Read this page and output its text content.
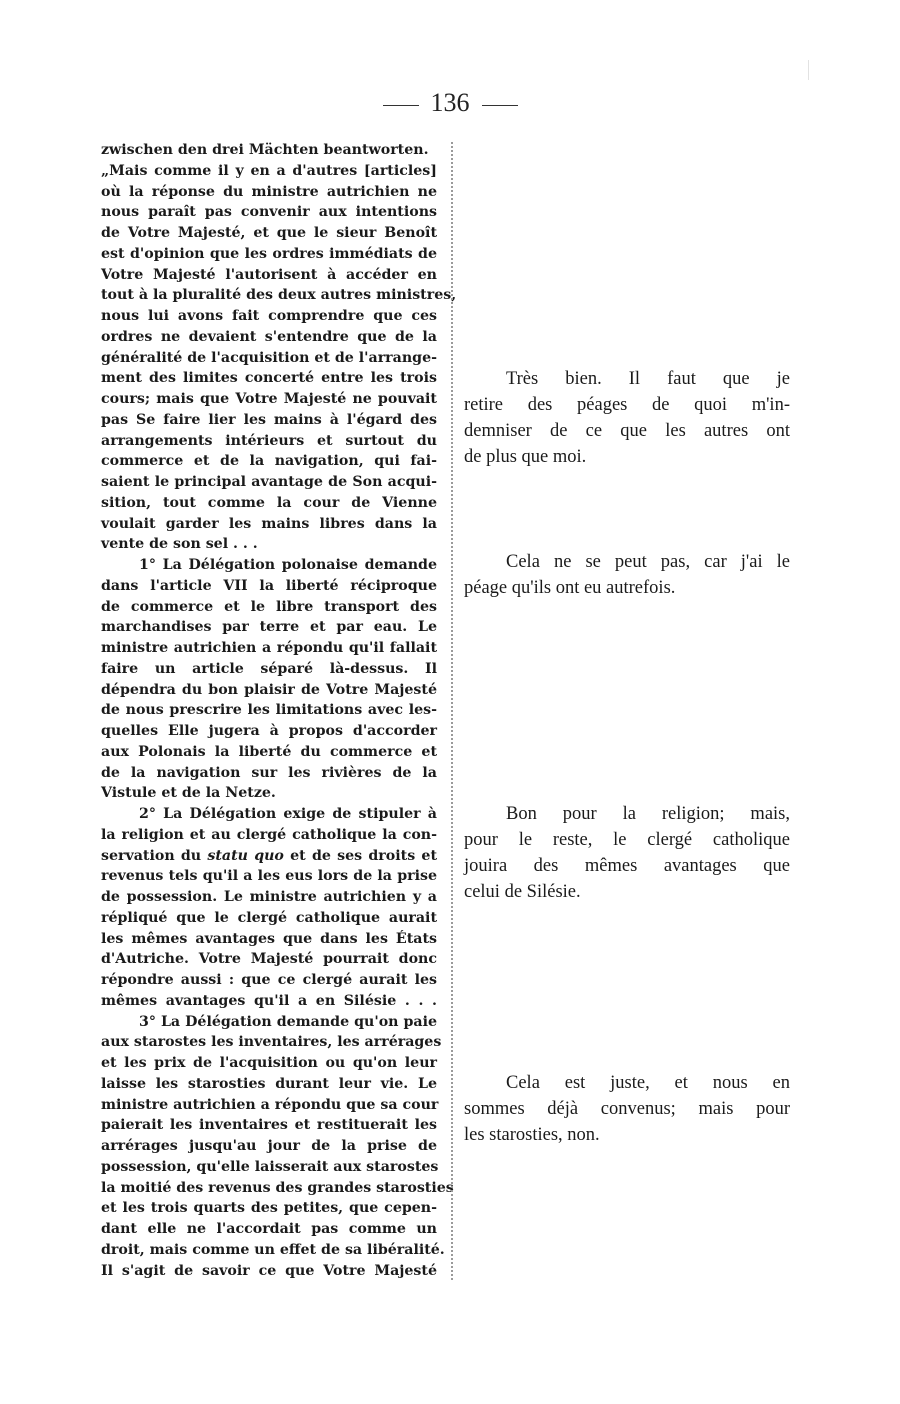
136
zwischen den drei Mächten beantworten.
„Mais comme il y en a d'autres [articles]
où la réponse du ministre autrichien ne
nous paraît pas convenir aux intentions
de Votre Majesté, et que le sieur Benoît
est d'opinion que les ordres immédiats de
Votre Majesté l'autorisent à accéder en
tout à la pluralité des deux autres ministres,
nous lui avons fait comprendre que ces
ordres ne devaient s'entendre que de la
généralité de l'acquisition et de l'arrange-
ment des limites concerté entre les trois
cours; mais que Votre Majesté ne pouvait
pas Se faire lier les mains à l'égard des
arrangements intérieurs et surtout du
commerce et de la navigation, qui fai-
saient le principal avantage de Son acqui-
sition, tout comme la cour de Vienne
voulait garder les mains libres dans la
vente de son sel . . .
1° La Délégation polonaise demande
dans l'article VII la liberté réciproque
de commerce et le libre transport des
marchandises par terre et par eau. Le
ministre autrichien a répondu qu'il fallait
faire un article séparé là-dessus. Il
dépendra du bon plaisir de Votre Majesté
de nous prescrire les limitations avec les-
quelles Elle jugera à propos d'accorder
aux Polonais la liberté du commerce et
de la navigation sur les rivières de la
Vistule et de la Netze.
2° La Délégation exige de stipuler à
la religion et au clergé catholique la con-
servation du statu quo et de ses droits et
revenus tels qu'il a les eus lors de la prise
de possession. Le ministre autrichien y a
répliqué que le clergé catholique aurait
les mêmes avantages que dans les États
d'Autriche. Votre Majesté pourrait donc
répondre aussi : que ce clergé aurait les
mêmes avantages qu'il a en Silésie . . .
3° La Délégation demande qu'on paie
aux starostes les inventaires, les arrérages
et les prix de l'acquisition ou qu'on leur
laisse les starosties durant leur vie. Le
ministre autrichien a répondu que sa cour
paierait les inventaires et restituerait les
arrérages jusqu'au jour de la prise de
possession, qu'elle laisserait aux starostes
la moitié des revenus des grandes starosties
et les trois quarts des petites, que cepen-
dant elle ne l'accordait pas comme un
droit, mais comme un effet de sa libéralité.
Il s'agit de savoir ce que Votre Majesté
Très bien. Il faut que je
retire des péages de quoi m'in-
demniser de ce que les autres ont
de plus que moi.
Cela ne se peut pas, car j'ai le
péage qu'ils ont eu autrefois.
Bon pour la religion; mais,
pour le reste, le clergé catholique
jouira des mêmes avantages que
celui de Silésie.
Cela est juste, et nous en
sommes déjà convenus; mais pour
les starosties, non.
